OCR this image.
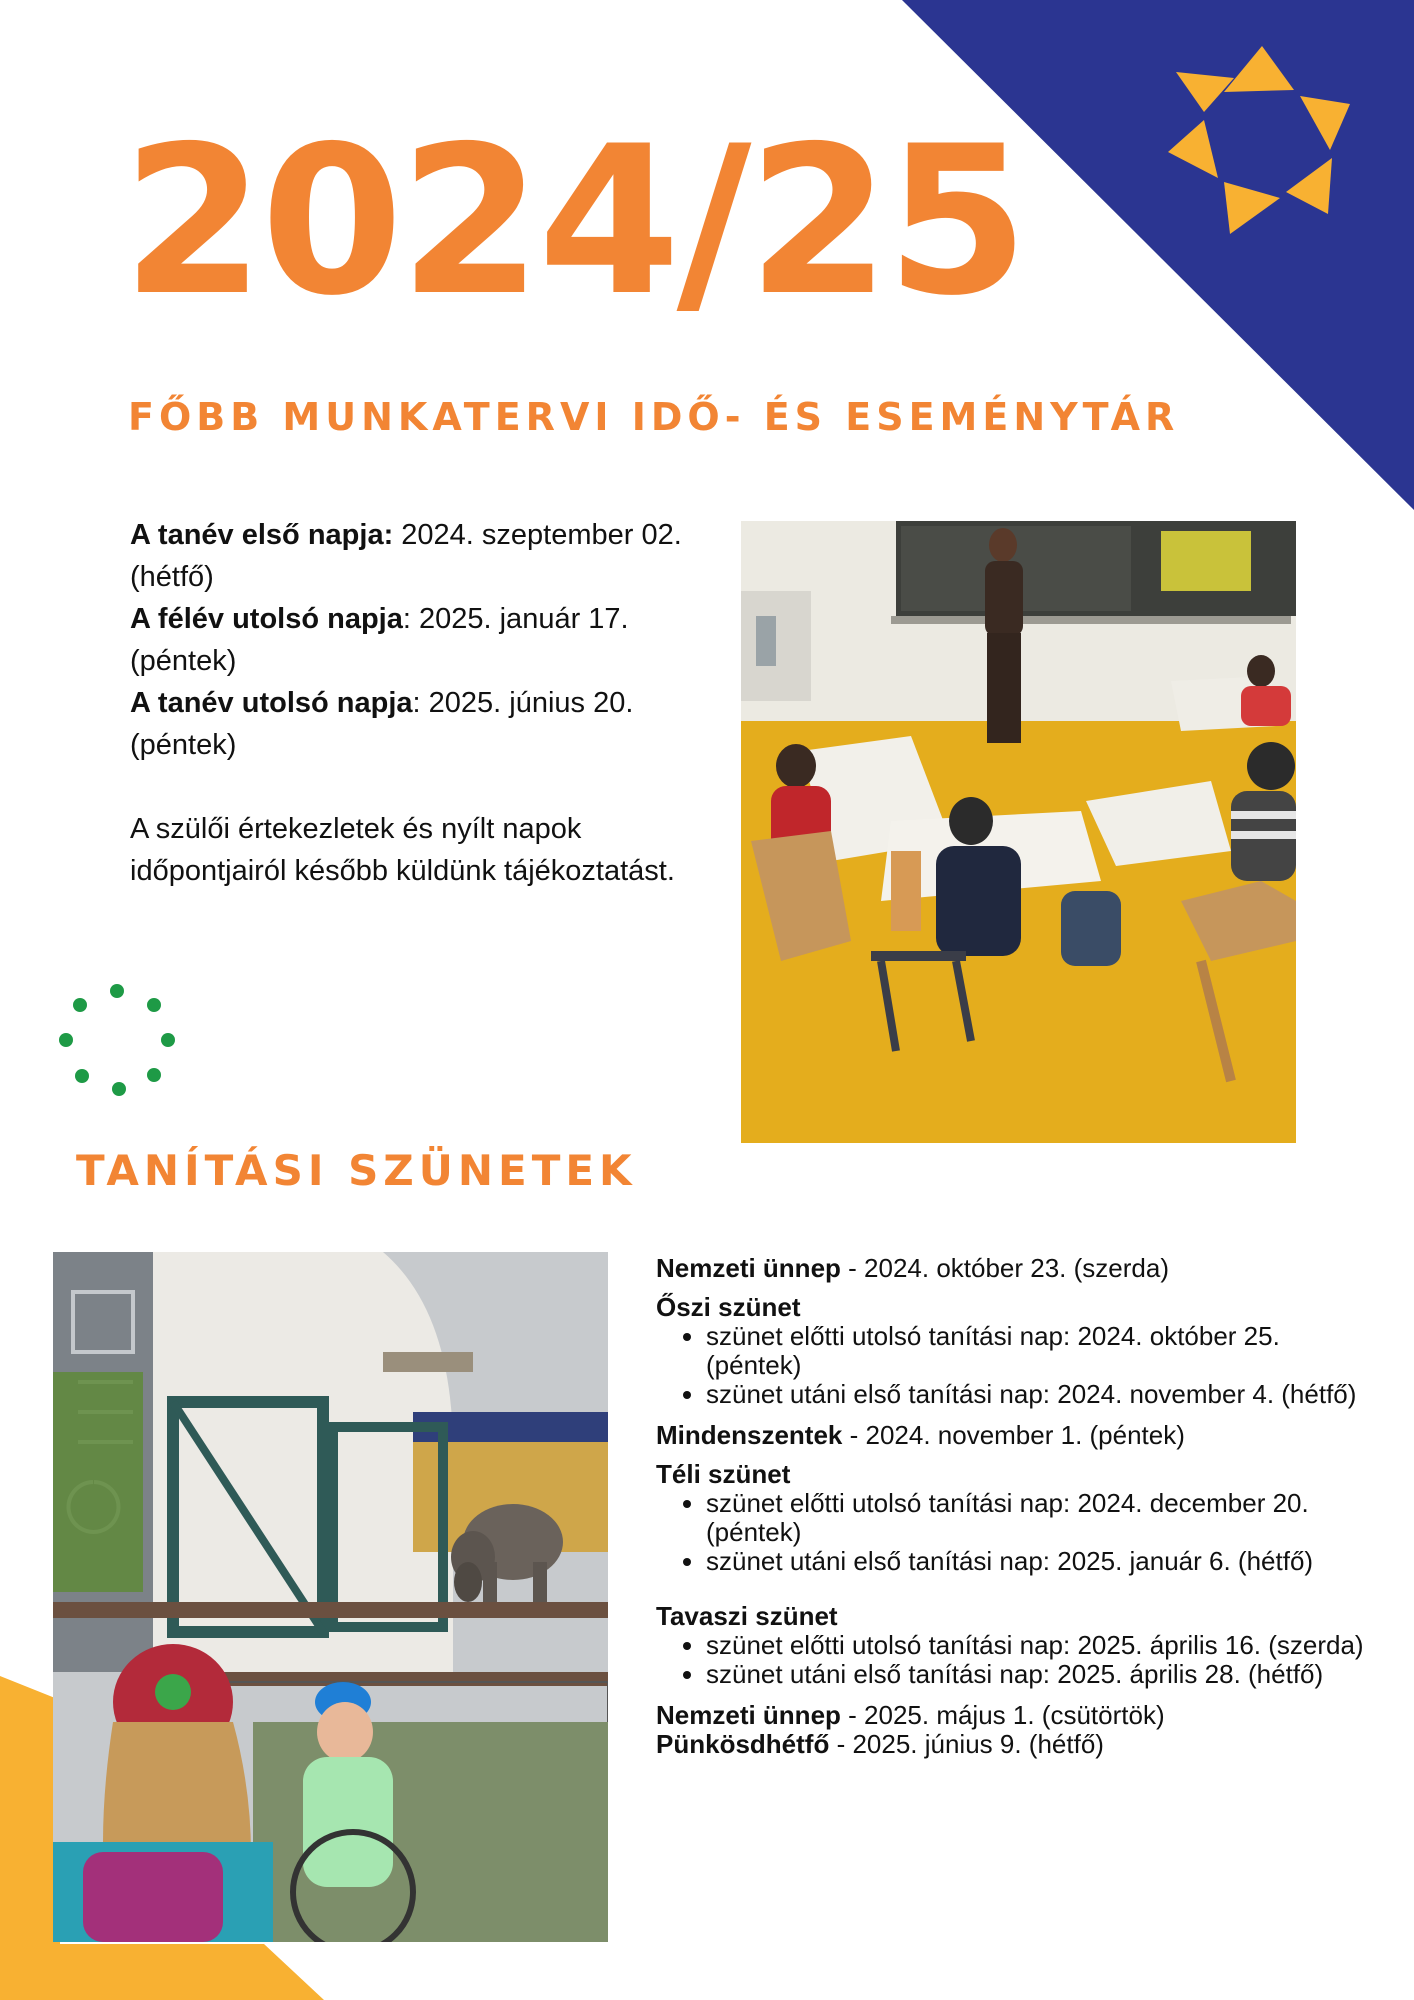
2024/25
FŐBB MUNKATERVI IDŐ- ÉS ESEMÉNYTÁR

A tanév első napja: 2024. szeptember 02. (hétfő)

A félév utolsó napja: 2025. január 17. (péntek)

A tanév utolsó napja: 2025. június 20. (péntek)

A szülői értekezletek és nyílt napok időpontjairól később küldünk tájékoztatást.

TANÍTÁSI SZÜNETEK

Nemzeti ünnep - 2024. október 23. (szerda)

Őszi szünet

• szünet előtti utolsó tanítási nap: 2024. október 25. (péntek)
• szünet utáni első tanítási nap: 2024. november 4. (hétfő)

Mindenszentek - 2024. november 1. (péntek)

Téli szünet

• szünet előtti utolsó tanítási nap: 2024. december 20. (péntek)
• szünet utáni első tanítási nap: 2025. január 6. (hétfő)

Tavaszi szünet

• szünet előtti utolsó tanítási nap: 2025. április 16. (szerda)
• szünet utáni első tanítási nap: 2025. április 28. (hétfő)

Nemzeti ünnep - 2025. május 1. (csütörtök)

Pünkösdhétfő - 2025. június 9. (hétfő)
